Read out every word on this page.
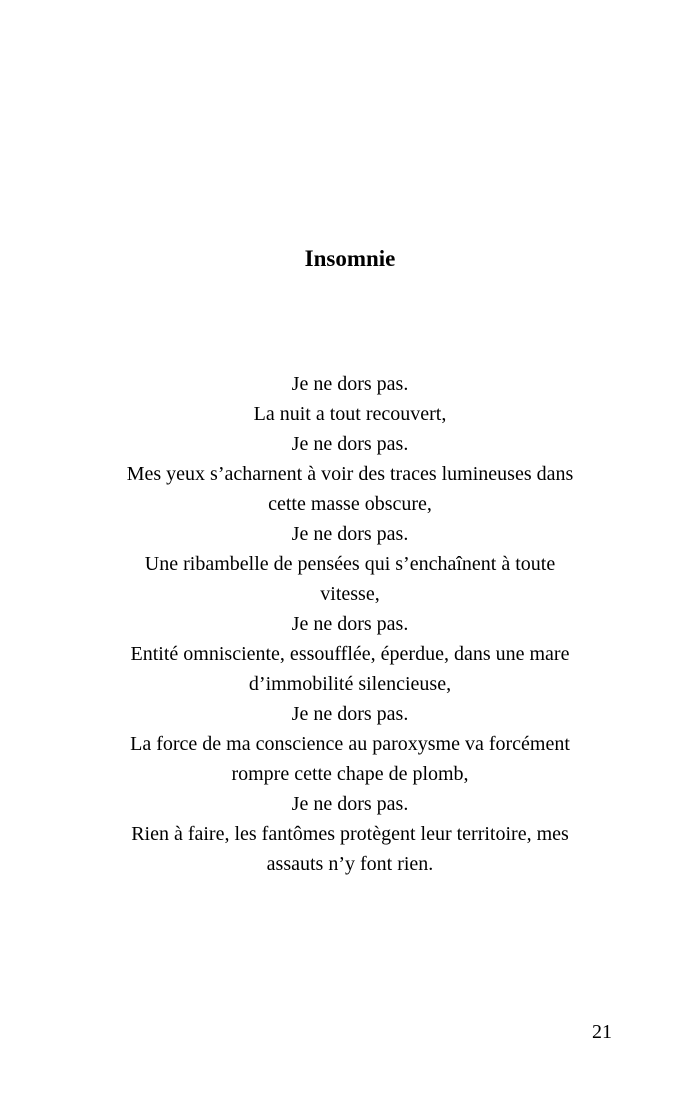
Insomnie
Je ne dors pas.
La nuit a tout recouvert,
Je ne dors pas.
Mes yeux s’acharnent à voir des traces lumineuses dans
cette masse obscure,
Je ne dors pas.
Une ribambelle de pensées qui s’enchaînent à toute
vitesse,
Je ne dors pas.
Entité omnisciente, essoufflée, éperdue, dans une mare
d’immobilité silencieuse,
Je ne dors pas.
La force de ma conscience au paroxysme va forcément
rompre cette chape de plomb,
Je ne dors pas.
Rien à faire, les fantômes protègent leur territoire, mes
assauts n’y font rien.
21
